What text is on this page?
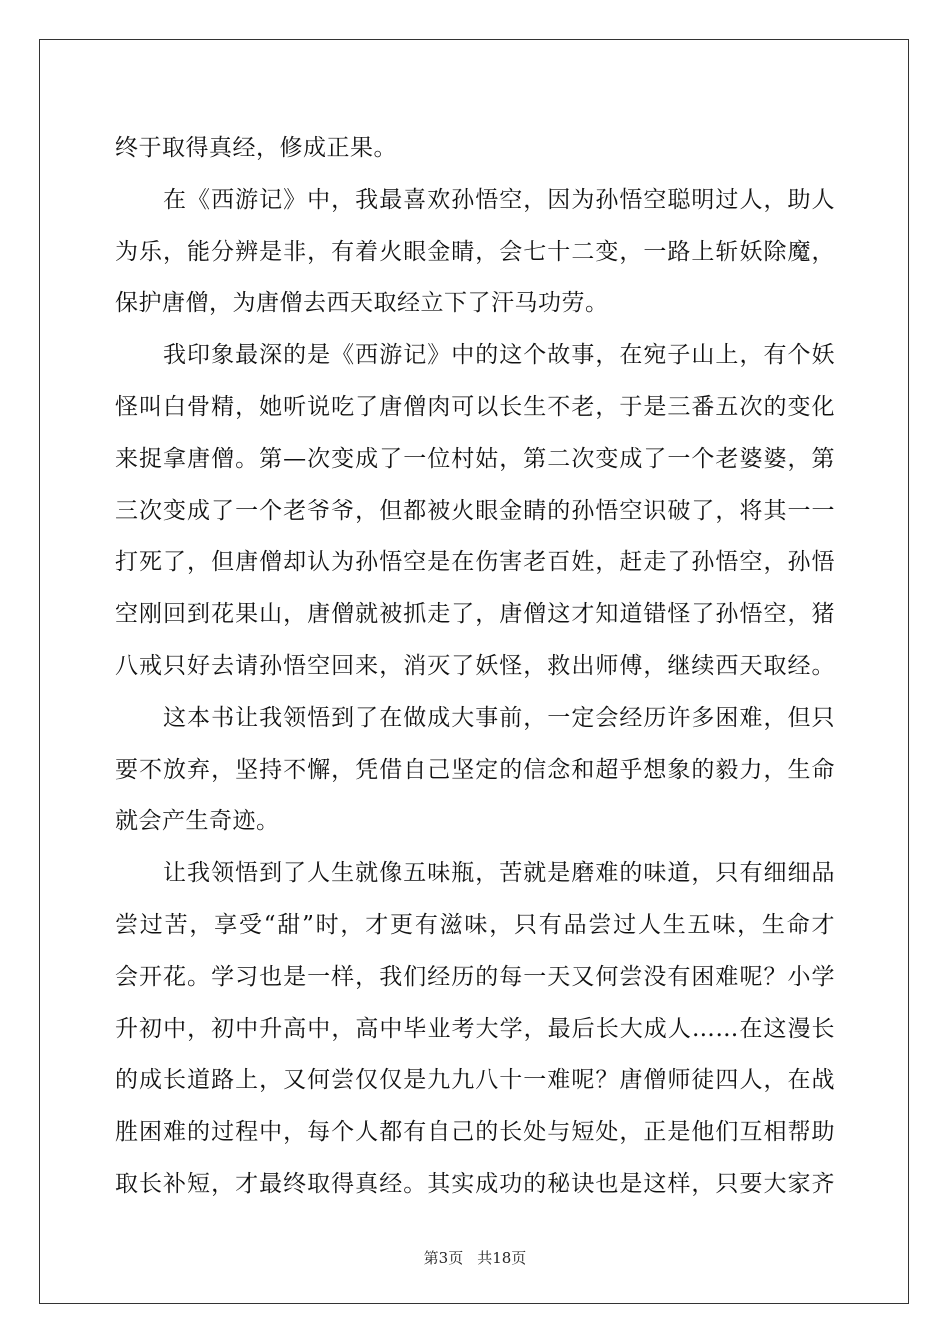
终于取得真经，修成正果。
　　在《西游记》中，我最喜欢孙悟空，因为孙悟空聪明过人，助人
为乐，能分辨是非，有着火眼金睛，会七十二变，一路上斩妖除魔，
保护唐僧，为唐僧去西天取经立下了汗马功劳。
　　我印象最深的是《西游记》中的这个故事，在宛子山上，有个妖
怪叫白骨精，她听说吃了唐僧肉可以长生不老，于是三番五次的变化
来捉拿唐僧。第—次变成了一位村姑，第二次变成了一个老婆婆，第
三次变成了一个老爷爷，但都被火眼金睛的孙悟空识破了，将其一一
打死了，但唐僧却认为孙悟空是在伤害老百姓，赶走了孙悟空，孙悟
空刚回到花果山，唐僧就被抓走了，唐僧这才知道错怪了孙悟空，猪
八戒只好去请孙悟空回来，消灭了妖怪，救出师傅，继续西天取经。
　　这本书让我领悟到了在做成大事前，一定会经历许多困难，但只
要不放弃，坚持不懈，凭借自己坚定的信念和超乎想象的毅力，生命
就会产生奇迹。
　　让我领悟到了人生就像五味瓶，苦就是磨难的味道，只有细细品
尝过苦，享受“甜”时，才更有滋味，只有品尝过人生五味，生命才
会开花。学习也是一样，我们经历的每一天又何尝没有困难呢？小学
升初中，初中升高中，高中毕业考大学，最后长大成人……在这漫长
的成长道路上，又何尝仅仅是九九八十一难呢？唐僧师徒四人，在战
胜困难的过程中，每个人都有自己的长处与短处，正是他们互相帮助
取长补短，才最终取得真经。其实成功的秘诀也是这样，只要大家齐
第3页 共18页
